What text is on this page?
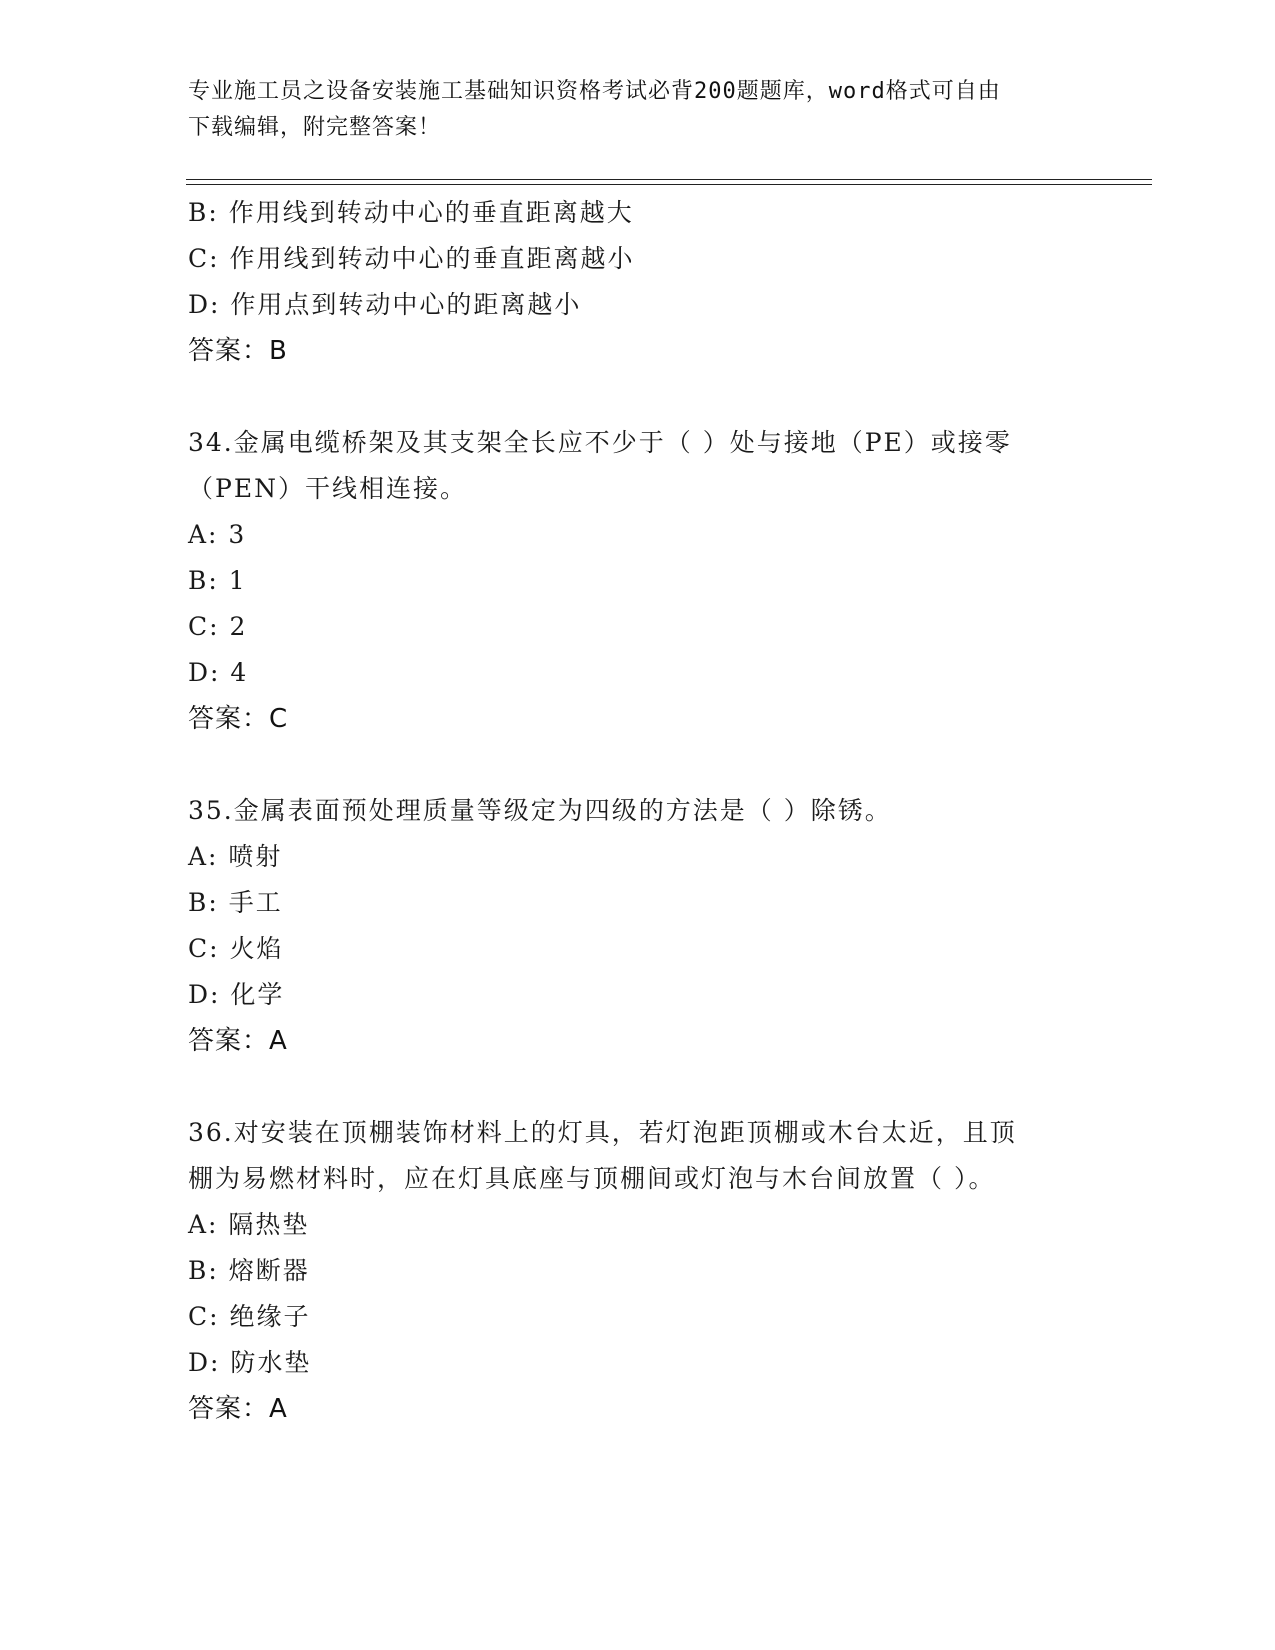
专业施工员之设备安装施工基础知识资格考试必背200题题库，word格式可自由
下载编辑，附完整答案！
B: 作用线到转动中心的垂直距离越大
C: 作用线到转动中心的垂直距离越小
D: 作用点到转动中心的距离越小
答案：B
34.金属电缆桥架及其支架全长应不少于（ ）处与接地（PE）或接零
（PEN）干线相连接。
A: 3
B: 1
C: 2
D: 4
答案：C
35.金属表面预处理质量等级定为四级的方法是（ ）除锈。
A: 喷射
B: 手工
C: 火焰
D: 化学
答案：A
36.对安装在顶棚装饰材料上的灯具，若灯泡距顶棚或木台太近，且顶
棚为易燃材料时，应在灯具底座与顶棚间或灯泡与木台间放置（ ）。
A: 隔热垫
B: 熔断器
C: 绝缘子
D: 防水垫
答案：A
